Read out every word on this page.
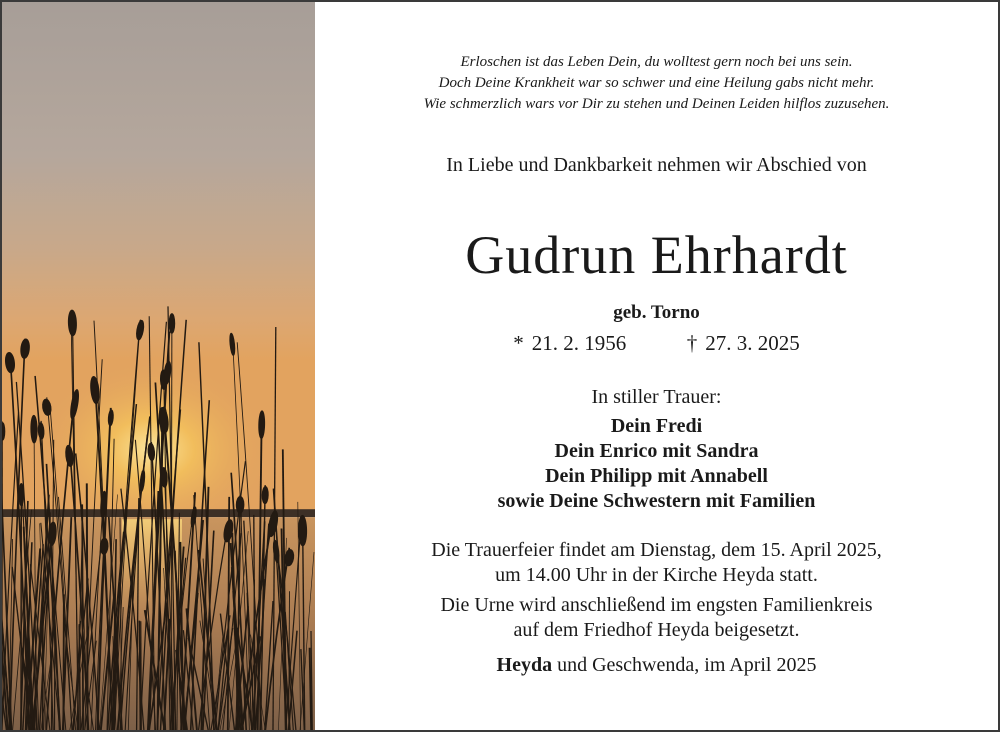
Erloschen ist das Leben Dein, du wolltest gern noch bei uns sein.
Doch Deine Krankheit war so schwer und eine Heilung gabs nicht mehr.
Wie schmerzlich wars vor Dir zu stehen und Deinen Leiden hilflos zuzusehen.
In Liebe und Dankbarkeit nehmen wir Abschied von
Gudrun Ehrhardt
geb. Torno
* 21. 2. 1956	† 27. 3. 2025
In stiller Trauer:
Dein Fredi
Dein Enrico mit Sandra
Dein Philipp mit Annabell
sowie Deine Schwestern mit Familien
Die Trauerfeier findet am Dienstag, dem 15. April 2025,
um 14.00 Uhr in der Kirche Heyda statt.
Die Urne wird anschließend im engsten Familienkreis
auf dem Friedhof Heyda beigesetzt.
Heyda und Geschwenda, im April 2025
